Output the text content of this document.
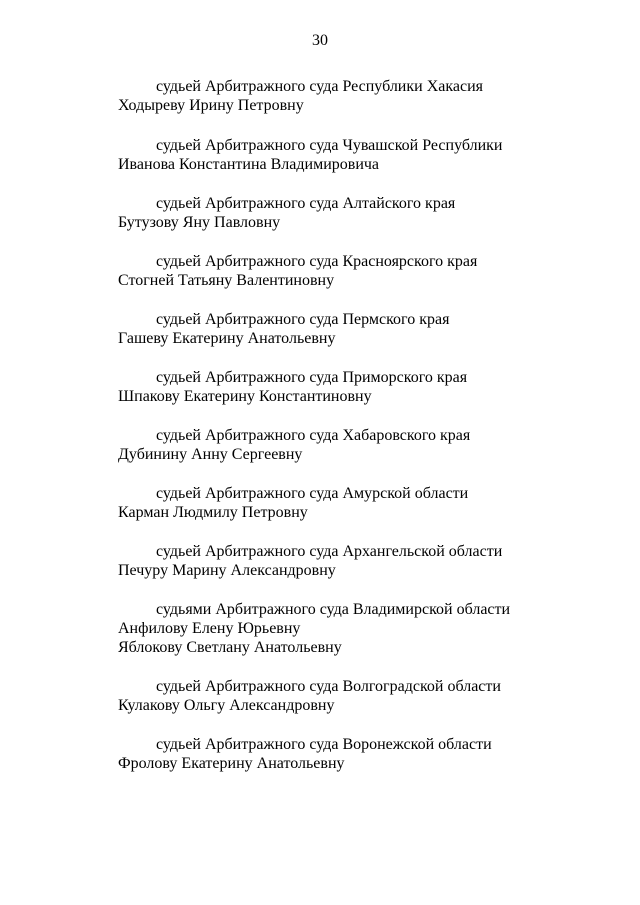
30
судьей Арбитражного суда Республики Хакасия
Ходыреву Ирину Петровну
судьей Арбитражного суда Чувашской Республики
Иванова Константина Владимировича
судьей Арбитражного суда Алтайского края
Бутузову Яну Павловну
судьей Арбитражного суда Красноярского края
Стогней Татьяну Валентиновну
судьей Арбитражного суда Пермского края
Гашеву Екатерину Анатольевну
судьей Арбитражного суда Приморского края
Шпакову Екатерину Константиновну
судьей Арбитражного суда Хабаровского края
Дубинину Анну Сергеевну
судьей Арбитражного суда Амурской области
Карман Людмилу Петровну
судьей Арбитражного суда Архангельской области
Печуру Марину Александровну
судьями Арбитражного суда Владимирской области
Анфилову Елену Юрьевну
Яблокову Светлану Анатольевну
судьей Арбитражного суда Волгоградской области
Кулакову Ольгу Александровну
судьей Арбитражного суда Воронежской области
Фролову Екатерину Анатольевну
